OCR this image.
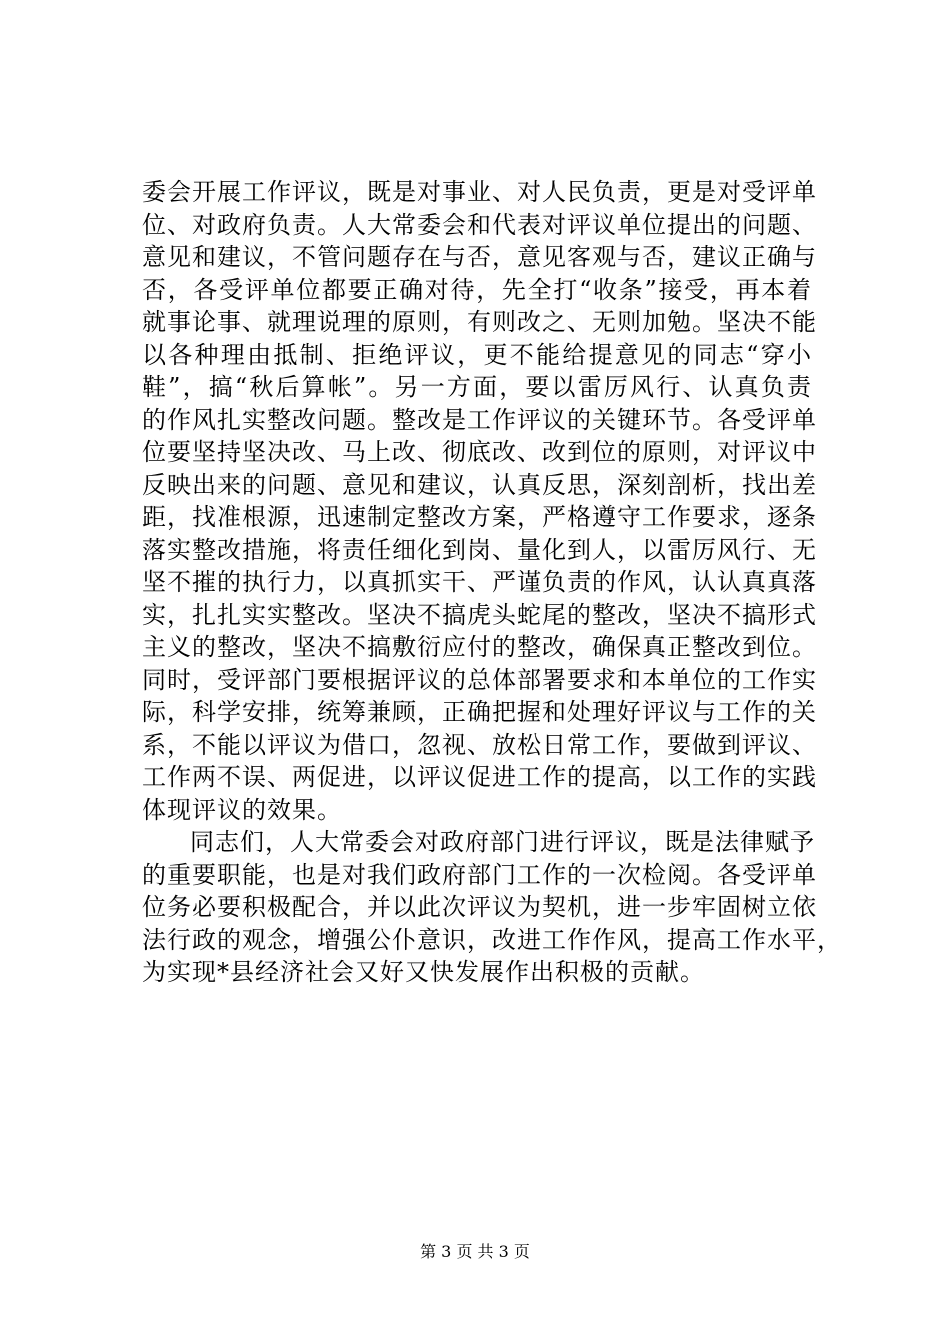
委会开展工作评议，既是对事业、对人民负责，更是对受评单
位、对政府负责。人大常委会和代表对评议单位提出的问题、
意见和建议，不管问题存在与否，意见客观与否，建议正确与
否，各受评单位都要正确对待，先全打“收条”接受，再本着
就事论事、就理说理的原则，有则改之、无则加勉。坚决不能
以各种理由抵制、拒绝评议，更不能给提意见的同志“穿小
鞋”，搞“秋后算帐”。另一方面，要以雷厉风行、认真负责
的作风扎实整改问题。整改是工作评议的关键环节。各受评单
位要坚持坚决改、马上改、彻底改、改到位的原则，对评议中
反映出来的问题、意见和建议，认真反思，深刻剖析，找出差
距，找准根源，迅速制定整改方案，严格遵守工作要求，逐条
落实整改措施，将责任细化到岗、量化到人，以雷厉风行、无
坚不摧的执行力，以真抓实干、严谨负责的作风，认认真真落
实，扎扎实实整改。坚决不搞虎头蛇尾的整改，坚决不搞形式
主义的整改，坚决不搞敷衍应付的整改，确保真正整改到位。
同时，受评部门要根据评议的总体部署要求和本单位的工作实
际，科学安排，统筹兼顾，正确把握和处理好评议与工作的关
系，不能以评议为借口，忽视、放松日常工作，要做到评议、
工作两不误、两促进，以评议促进工作的提高，以工作的实践
体现评议的效果。
同志们，人大常委会对政府部门进行评议，既是法律赋予
的重要职能，也是对我们政府部门工作的一次检阅。各受评单
位务必要积极配合，并以此次评议为契机，进一步牢固树立依
法行政的观念，增强公仆意识，改进工作作风，提高工作水平，
为实现*县经济社会又好又快发展作出积极的贡献。
第 3 页 共 3 页
